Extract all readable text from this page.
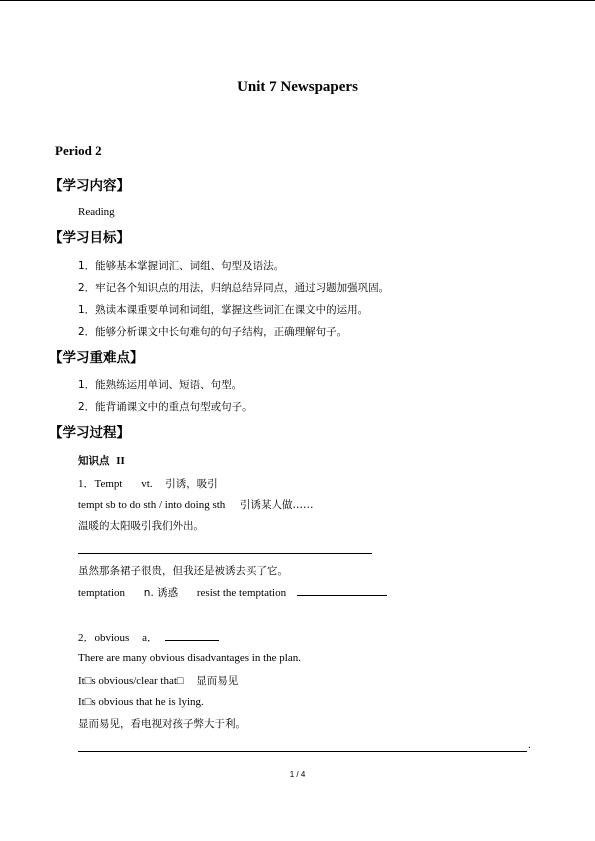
Unit 7 Newspapers
Period 2
【学习内容】
Reading
【学习目标】
1．能够基本掌握词汇、词组、句型及语法。
2．牢记各个知识点的用法，归纳总结异同点，通过习题加强巩固。
1．熟读本课重要单词和词组，掌握这些词汇在课文中的运用。
2．能够分析课文中长句难句的句子结构，正确理解句子。
【学习重难点】
1．能熟练运用单词、短语、句型。
2．能背诵课文中的重点句型或句子。
【学习过程】
知识点 II
1．Tempt vt. 引诱，吸引
tempt sb to do sth / into doing sth 引诱某人做……
温暖的太阳吸引我们外出。
虽然那条裙子很贵，但我还是被诱去买了它。
temptation n. 诱惑 resist the temptation
2．obvious a．
There are many obvious disadvantages in the plan.
It□s obvious/clear that□ 显而易见
It□s obvious that he is lying.
显而易见，看电视对孩子弊大于利。
.
1 / 4
